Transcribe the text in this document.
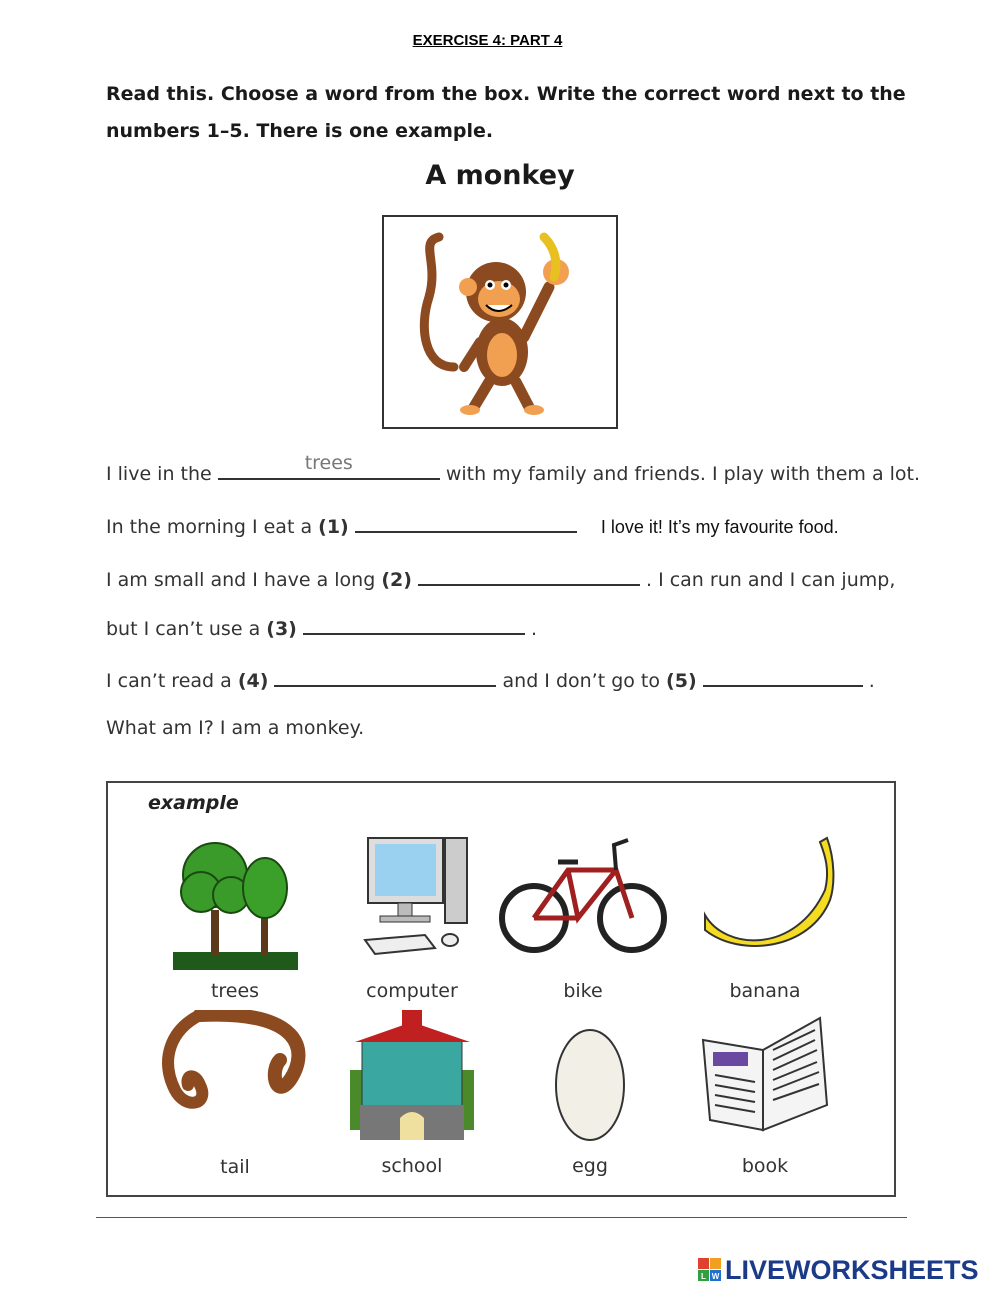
EXERCISE 4: PART 4
Read this. Choose a word from the box. Write the correct word next to the numbers 1–5. There is one example.
A monkey
I live in the	trees	with my family and friends. I play with them a lot.
In the morning I eat a (1)	I love it! It’s my favourite food.
I am small and I have a long (2)	. I can run and I can jump,
but I can’t use a (3)	.
I can’t read a (4)	and I don’t go to (5)	.
What am I? I am a monkey.
example
trees	computer	bike	banana
tail	school	egg	book
L W LIVEWORKSHEETS
